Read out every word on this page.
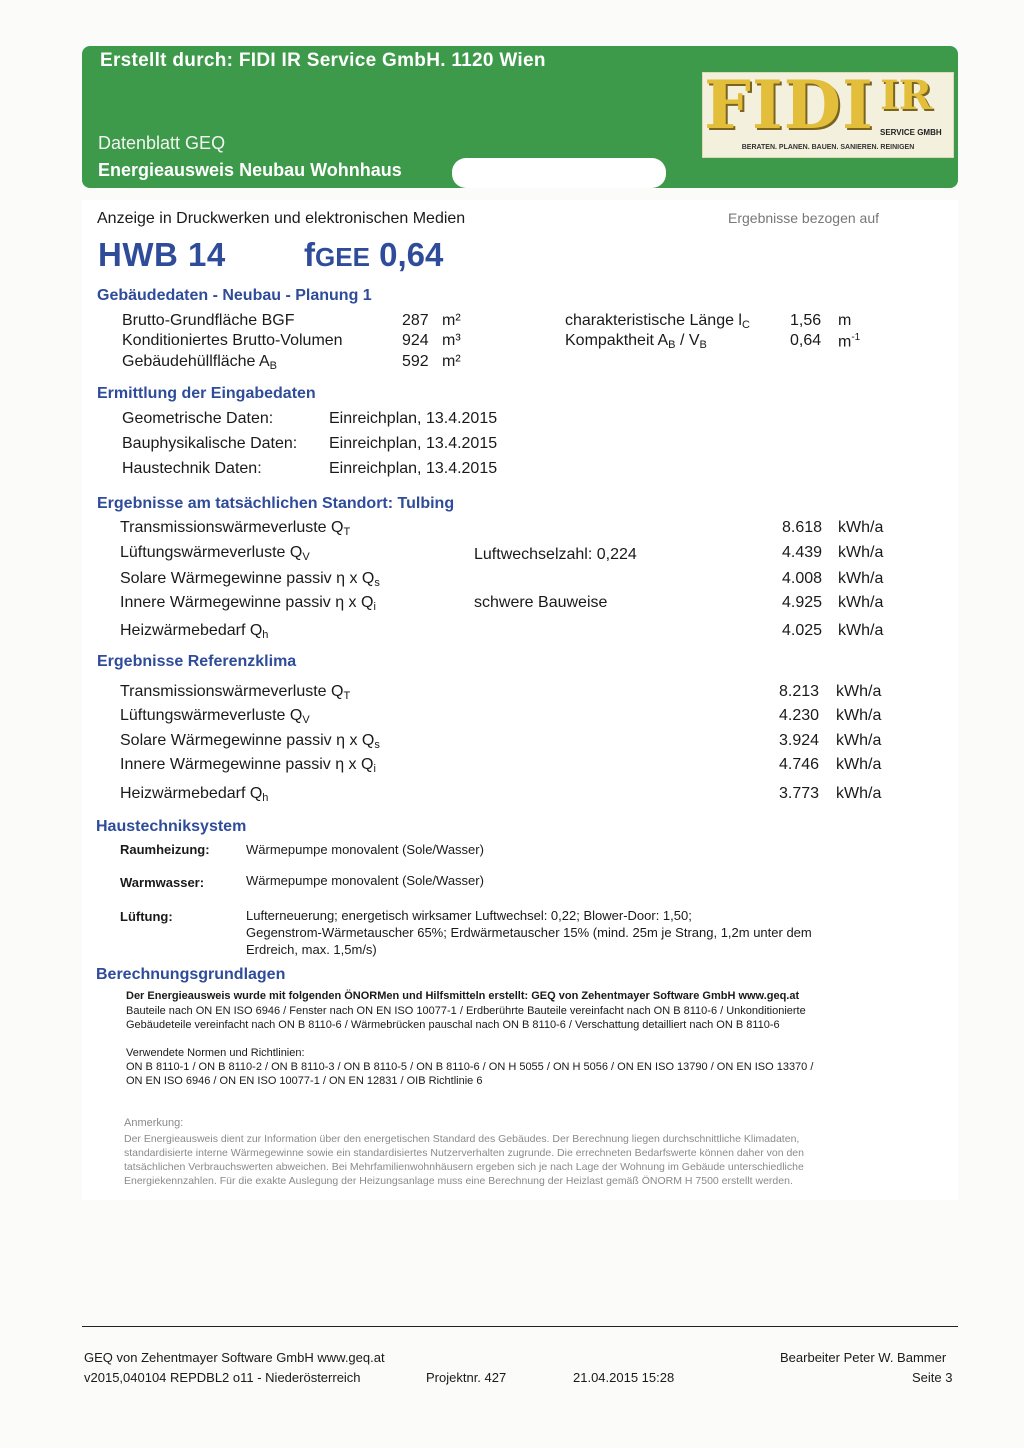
Erstellt durch: FIDI IR Service GmbH. 1120 Wien
Datenblatt GEQ
Energieausweis Neubau Wohnhaus
FIDI IR
SERVICE GMBH
BERATEN. PLANEN. BAUEN. SANIEREN. REINIGEN
Anzeige in Druckwerken und elektronischen Medien	Ergebnisse bezogen auf
HWB 14 fGEE 0,64
Gebäudedaten - Neubau - Planung 1
Brutto-Grundfläche BGF	287 m²
Konditioniertes Brutto-Volumen	924 m³
Gebäudehüllfläche $A_B$	592 m²
charakteristische Länge $l_C$	1,56 m
Kompaktheit $A_B / V_B$	0,64 $m^{-1}$
Ermittlung der Eingabedaten
Geometrische Daten:	Einreichplan, 13.4.2015
Bauphysikalische Daten: Einreichplan, 13.4.2015
Haustechnik Daten:	Einreichplan, 13.4.2015
Ergebnisse am tatsächlichen Standort: Tulbing
Transmissionswärmeverluste $Q_T$	8.618 kWh/a
Lüftungswärmeverluste $Q_V$	Luftwechselzahl: 0,224	4.439 kWh/a
Solare Wärmegewinne passiv η x $Q_s$	4.008 kWh/a
Innere Wärmegewinne passiv η x $Q_i$	schwere Bauweise	4.925 kWh/a
Heizwärmebedarf $Q_h$	4.025 kWh/a
Ergebnisse Referenzklima
Transmissionswärmeverluste $Q_T$	8.213 kWh/a
Lüftungswärmeverluste $Q_V$	4.230 kWh/a
Solare Wärmegewinne passiv η x $Q_s$	3.924 kWh/a
Innere Wärmegewinne passiv η x $Q_i$	4.746 kWh/a
Heizwärmebedarf $Q_h$	3.773 kWh/a
Haustechniksystem
Raumheizung:	Wärmepumpe monovalent (Sole/Wasser)
Warmwasser:	Wärmepumpe monovalent (Sole/Wasser)
Lüftung:	Lufterneuerung; energetisch wirksamer Luftwechsel: 0,22; Blower-Door: 1,50;
Gegenstrom-Wärmetauscher 65%; Erdwärmetauscher 15% (mind. 25m je Strang, 1,2m unter dem
Erdreich, max. 1,5m/s)
Berechnungsgrundlagen
Der Energieausweis wurde mit folgenden ÖNORMen und Hilfsmitteln erstellt: GEQ von Zehentmayer Software GmbH www.geq.at
Bauteile nach ON EN ISO 6946 / Fenster nach ON EN ISO 10077-1 / Erdberührte Bauteile vereinfacht nach ON B 8110-6 / Unkonditionierte
Gebäudeteile vereinfacht nach ON B 8110-6 / Wärmebrücken pauschal nach ON B 8110-6 / Verschattung detailliert nach ON B 8110-6
Verwendete Normen und Richtlinien:
ON B 8110-1 / ON B 8110-2 / ON B 8110-3 / ON B 8110-5 / ON B 8110-6 / ON H 5055 / ON H 5056 / ON EN ISO 13790 / ON EN ISO 13370 /
ON EN ISO 6946 / ON EN ISO 10077-1 / ON EN 12831 / OIB Richtlinie 6
Anmerkung:
Der Energieausweis dient zur Information über den energetischen Standard des Gebäudes. Der Berechnung liegen durchschnittliche Klimadaten,
standardisierte interne Wärmegewinne sowie ein standardisiertes Nutzerverhalten zugrunde. Die errechneten Bedarfswerte können daher von den
tatsächlichen Verbrauchswerten abweichen. Bei Mehrfamilienwohnhäusern ergeben sich je nach Lage der Wohnung im Gebäude unterschiedliche
Energiekennzahlen. Für die exakte Auslegung der Heizungsanlage muss eine Berechnung der Heizlast gemäß ÖNORM H 7500 erstellt werden.
GEQ von Zehentmayer Software GmbH www.geq.at
v2015,040104 REPDBL2 o11 - Niederösterreich	Projektnr. 427	21.04.2015 15:28
Bearbeiter Peter W. Bammer
Seite 3
